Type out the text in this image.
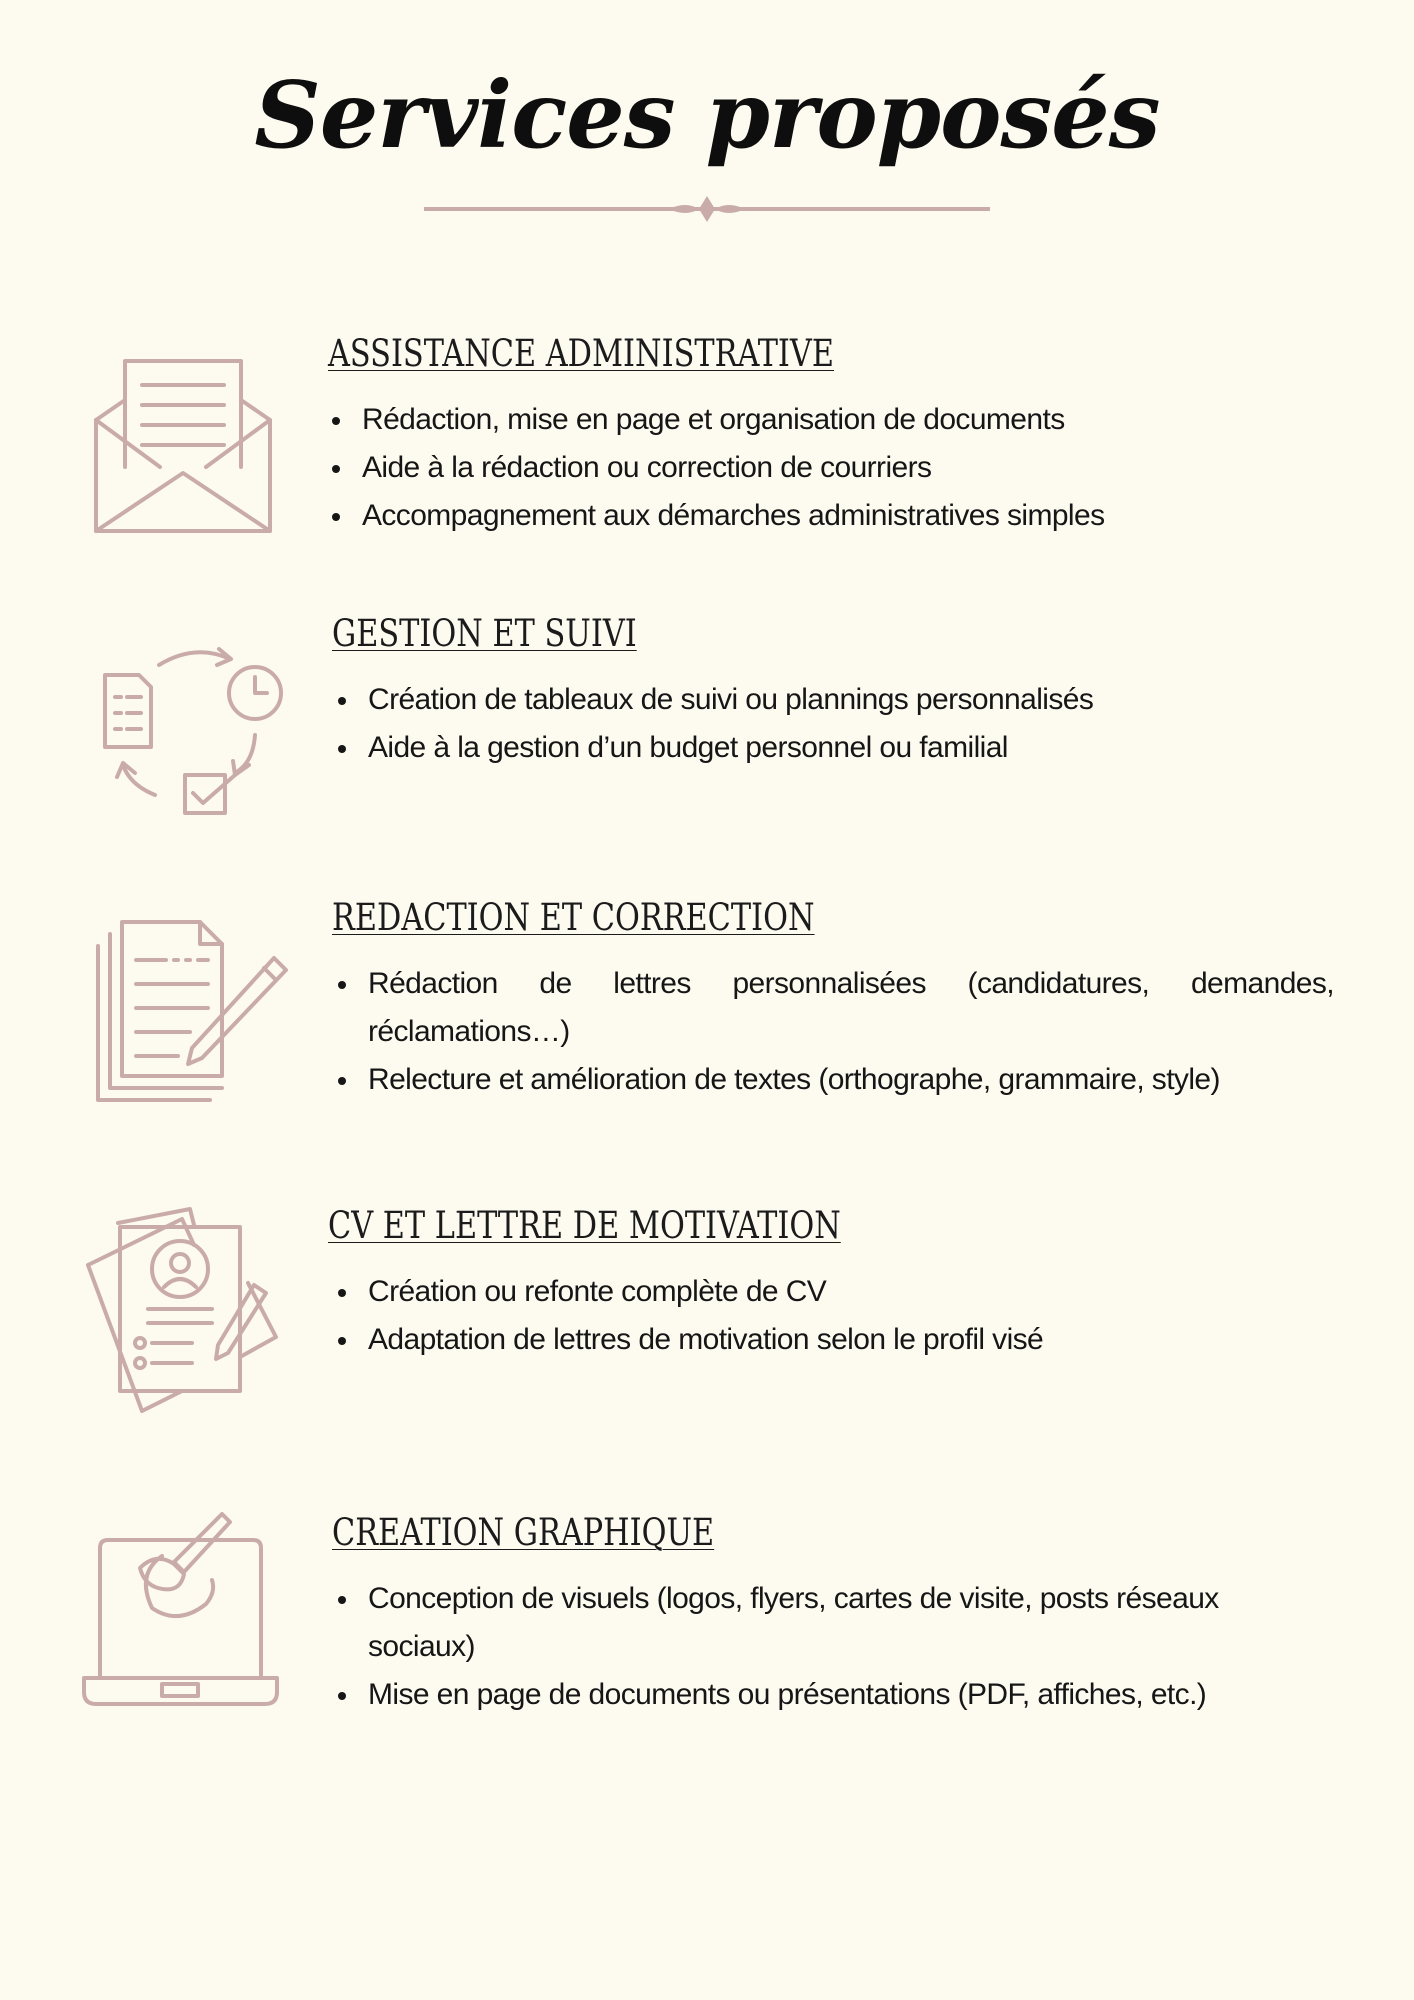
Services proposés
ASSISTANCE ADMINISTRATIVE
Rédaction, mise en page et organisation de documents
Aide à la rédaction ou correction de courriers
Accompagnement aux démarches administratives simples
GESTION ET SUIVI
Création de tableaux de suivi ou plannings personnalisés
Aide à la gestion d’un budget personnel ou familial
REDACTION ET CORRECTION
Rédaction de lettres personnalisées (candidatures, demandes, réclamations…)
Relecture et amélioration de textes (orthographe, grammaire, style)
CV ET LETTRE DE MOTIVATION
Création ou refonte complète de CV
Adaptation de lettres de motivation selon le profil visé
CREATION GRAPHIQUE
Conception de visuels (logos, flyers, cartes de visite, posts réseaux sociaux)
Mise en page de documents ou présentations (PDF, affiches, etc.)
